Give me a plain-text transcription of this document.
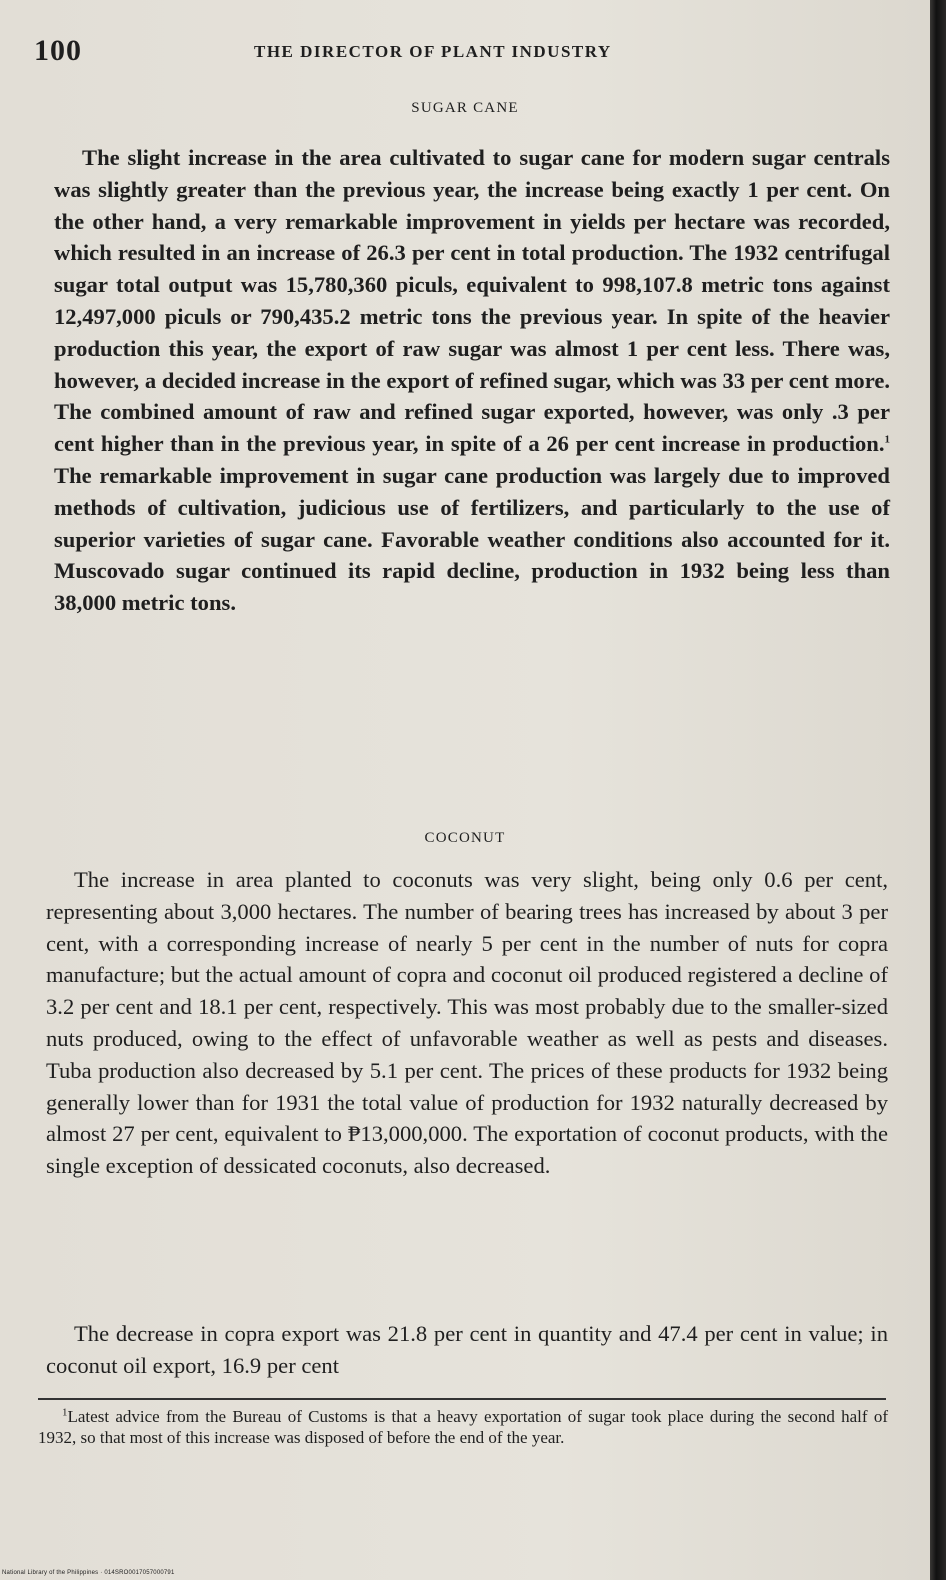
100	THE DIRECTOR OF PLANT INDUSTRY

SUGAR CANE

The slight increase in the area cultivated to sugar cane for modern sugar centrals was slightly greater than the previous year, the increase being exactly 1 per cent. On the other hand, a very remarkable improvement in yields per hectare was recorded, which resulted in an increase of 26.3 per cent in total production. The 1932 centrifugal sugar total output was 15,780,360 piculs, equivalent to 998,107.8 metric tons against 12,497,000 piculs or 790,435.2 metric tons the previous year. In spite of the heavier production this year, the export of raw sugar was almost 1 per cent less. There was, however, a decided increase in the export of refined sugar, which was 33 per cent more. The combined amount of raw and refined sugar exported, however, was only .3 per cent higher than in the previous year, in spite of a 26 per cent increase in production.$^1$ The remarkable improvement in sugar cane production was largely due to improved methods of cultivation, judicious use of fertilizers, and particularly to the use of superior varieties of sugar cane. Favorable weather conditions also accounted for it. Muscovado sugar continued its rapid decline, production in 1932 being less than 38,000 metric tons.

COCONUT

The increase in area planted to coconuts was very slight, being only 0.6 per cent, representing about 3,000 hectares. The number of bearing trees has increased by about 3 per cent, with a corresponding increase of nearly 5 per cent in the number of nuts for copra manufacture; but the actual amount of copra and coconut oil produced registered a decline of 3.2 per cent and 18.1 per cent, respectively. This was most probably due to the smaller-sized nuts produced, owing to the effect of unfavorable weather as well as pests and diseases. Tuba production also decreased by 5.1 per cent. The prices of these products for 1932 being generally lower than for 1931 the total value of production for 1932 naturally decreased by almost 27 per cent, equivalent to ₱13,000,000. The exportation of coconut products, with the single exception of dessicated coconuts, also decreased.

The decrease in copra export was 21.8 per cent in quantity and 47.4 per cent in value; in coconut oil export, 16.9 per cent

$^1$Latest advice from the Bureau of Customs is that a heavy exportation of sugar took place during the second half of 1932, so that most of this increase was disposed of before the end of the year.

National Library of the Philippines · 014SRO0017057000791
